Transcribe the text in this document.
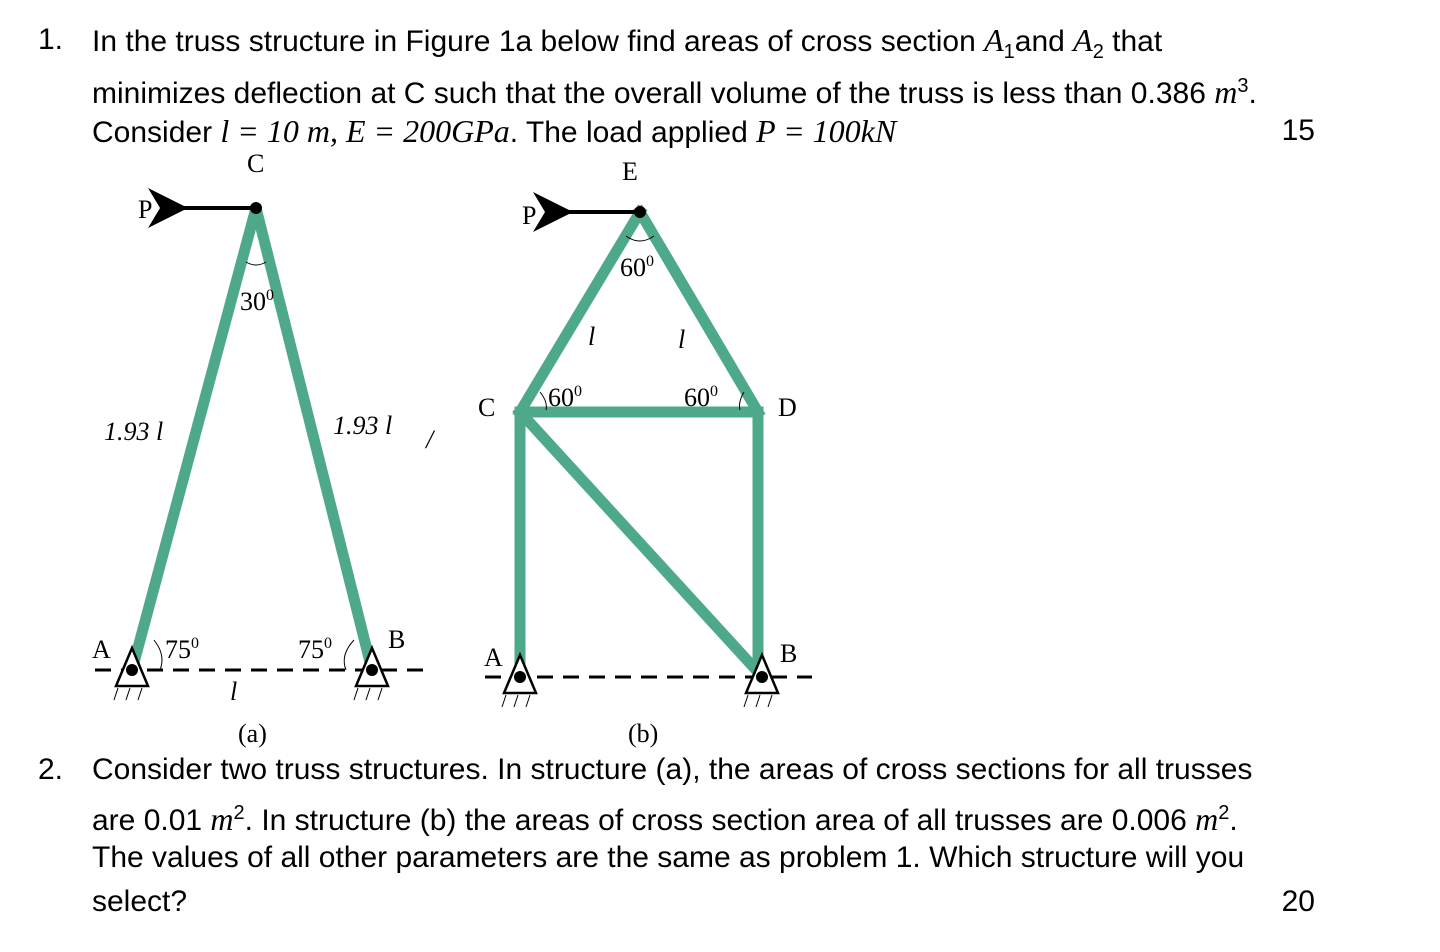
1. In the truss structure in Figure 1a below find areas of cross section $A_1and$ $A_2$ that
minimizes deflection at C such that the overall volume of the truss is less than 0.386 $m^3$.
Consider l = 10 m, E = 200GPa. The load applied P = 100kN	15
C
P
$30^0$
1.93 l	1.93 l /
A	B
$75^0$	$75^0$
l
(a)
E
P
$60^0$
l	l
C	D
$60^0$	$60^0$
A	B
(b)
2. Consider two truss structures. In structure (a), the areas of cross sections for all trusses
are 0.01 $m^2$. In structure (b) the areas of cross section area of all trusses are 0.006 $m^2$.
The values of all other parameters are the same as problem 1. Which structure will you
select?	20
